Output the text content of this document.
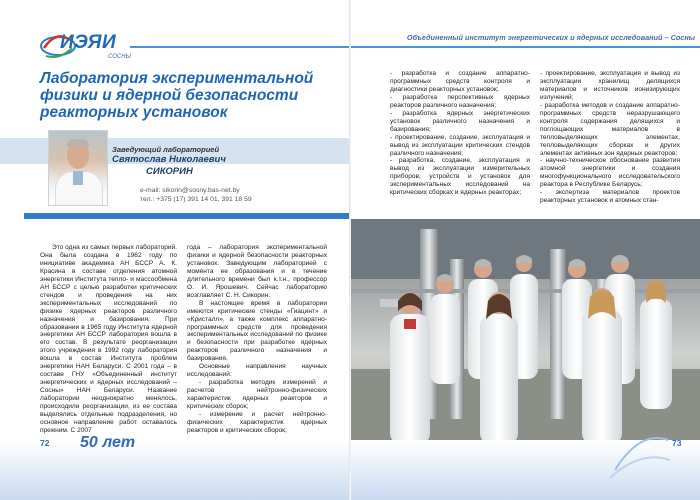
ИЭЯИ
СОСНЫ
Лаборатория экспериментальной физики и ядерной безопасности реакторных установок
Заведующий лабораторией
Святослав Николаевич
СИКОРИН
e-mail: sikorin@sosny.bas-net.by
тел.: +375 (17) 391 14 01, 391 18 59

Это одна из самых первых лабораторий. Она была создана в 1962 году по инициативе академика АН БССР А. К. Красина в составе отделения атомной энергетики Института тепло- и массообмена АН БССР с целью разработки критических стендов и проведения на них экспериментальных исследований по физике ядерных реакторов различного назначения и базирования. При образовании в 1965 году Института ядерной энергетики АН БССР лаборатория вошла в его состав. В результате реорганизации этого учреждения в 1992 году лаборатория вошла в состав Института проблем энергетики НАН Беларуси. С 2001 года – в составе ГНУ «Объединенный институт энергетических и ядерных исследований – Сосны» НАН Беларуси. Название лаборатории неоднократно менялось, происходили реорганизации, из ее состава выделялись отдельные подразделения, но основное направление работ оставалось прежним. С 2007

года – лаборатория экспериментальной физики и ядерной безопасности реакторных установок. Заведующим лабораторией с момента ее образования и в течение длительного времени был к.т.н., профессор О. И. Ярошевич. Сейчас лабораторию возглавляет С. Н. Сикорин.

В настоящее время в лаборатории имеются критические стенды «Гиацинт» и «Кристалл», а также комплекс аппаратно-программных средств для проведения экспериментальных исследований по физике и безопасности при разработке ядерных реакторов различного назначения и базирования.

Основные направления научных исследований:

- разработка методик измерений и расчетов нейтронно-физических характеристик ядерных реакторов и критических сборок;

- измерение и расчет нейтронно-физических характеристик ядерных реакторов и критических сборок;

72 50 лет
Объединенный институт энергетических и ядерных исследований – Сосны

- разработка и создание аппаратно-программных средств контроля и диагностики реакторных установок;

- разработка перспективных ядерных реакторов различного назначения;

- разработка ядерных энергетических установок различного назначения и базирования;

- проектирование, создание, эксплуатация и вывод из эксплуатации критических стендов различного назначения;

- разработка, создание, эксплуатация и вывод из эксплуатации измерительных приборов, устройств и установок для экспериментальных исследований на критических сборках и ядерных реакторах;

- проектирование, эксплуатация и вывод из эксплуатации хранилищ делящихся материалов и источников ионизирующих излучений;

- разработка методов и создание аппаратно-программных средств неразрушающего контроля содержания делящихся и поглощающих материалов в тепловыделяющих элементах, тепловыделяющих сборках и других элементах активных зон ядерных реакторов;

- научно-техническое обоснование развития атомной энергетики и создания многофункционального исследовательского реактора в Республике Беларусь;

- экспертиза материалов проектов реакторных установок и атомных стан-

73
